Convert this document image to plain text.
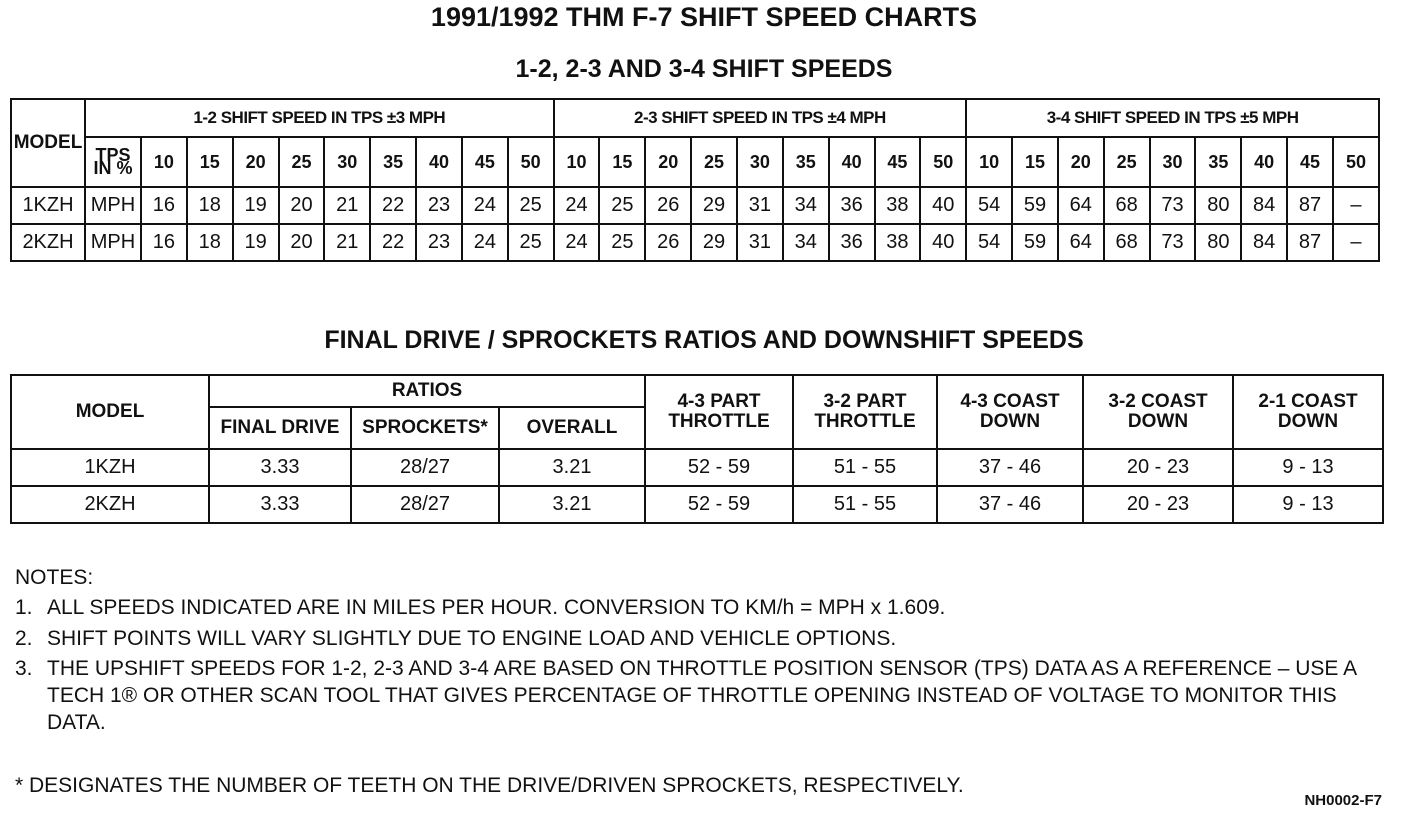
1991/1992 THM F-7 SHIFT SPEED CHARTS
1-2, 2-3 AND 3-4 SHIFT SPEEDS
MODEL	1-2 SHIFT SPEED IN TPS ±3 MPH										2-3 SHIFT SPEED IN TPS ±4 MPH									3-4 SHIFT SPEED IN TPS ±5 MPH								
	TPS IN %	10	15	20	25	30	35	40	45	50	10	15	20	25	30	35	40	45	50	10	15	20	25	30	35	40	45	50
1KZH	MPH	16	18	19	20	21	22	23	24	25	24	25	26	29	31	34	36	38	40	54	59	64	68	73	80	84	87	–
2KZH	MPH	16	18	19	20	21	22	23	24	25	24	25	26	29	31	34	36	38	40	54	59	64	68	73	80	84	87	–
FINAL DRIVE / SPROCKETS RATIOS AND DOWNSHIFT SPEEDS
MODEL	RATIOS			4-3 PART THROTTLE	3-2 PART THROTTLE	4-3 COAST DOWN	3-2 COAST DOWN	2-1 COAST DOWN
	FINAL DRIVE	SPROCKETS*	OVERALL					
1KZH	3.33	28/27	3.21	52 - 59	51 - 55	37 - 46	20 - 23	9 - 13
2KZH	3.33	28/27	3.21	52 - 59	51 - 55	37 - 46	20 - 23	9 - 13

NOTES:

1. ALL SPEEDS INDICATED ARE IN MILES PER HOUR. CONVERSION TO KM/h = MPH x 1.609.
2. SHIFT POINTS WILL VARY SLIGHTLY DUE TO ENGINE LOAD AND VEHICLE OPTIONS.
3. THE UPSHIFT SPEEDS FOR 1-2, 2-3 AND 3-4 ARE BASED ON THROTTLE POSITION SENSOR (TPS) DATA AS A REFERENCE – USE A TECH 1® OR OTHER SCAN TOOL THAT GIVES PERCENTAGE OF THROTTLE OPENING INSTEAD OF VOLTAGE TO MONITOR THIS DATA.
* DESIGNATES THE NUMBER OF TEETH ON THE DRIVE/DRIVEN SPROCKETS, RESPECTIVELY.
NH0002-F7
